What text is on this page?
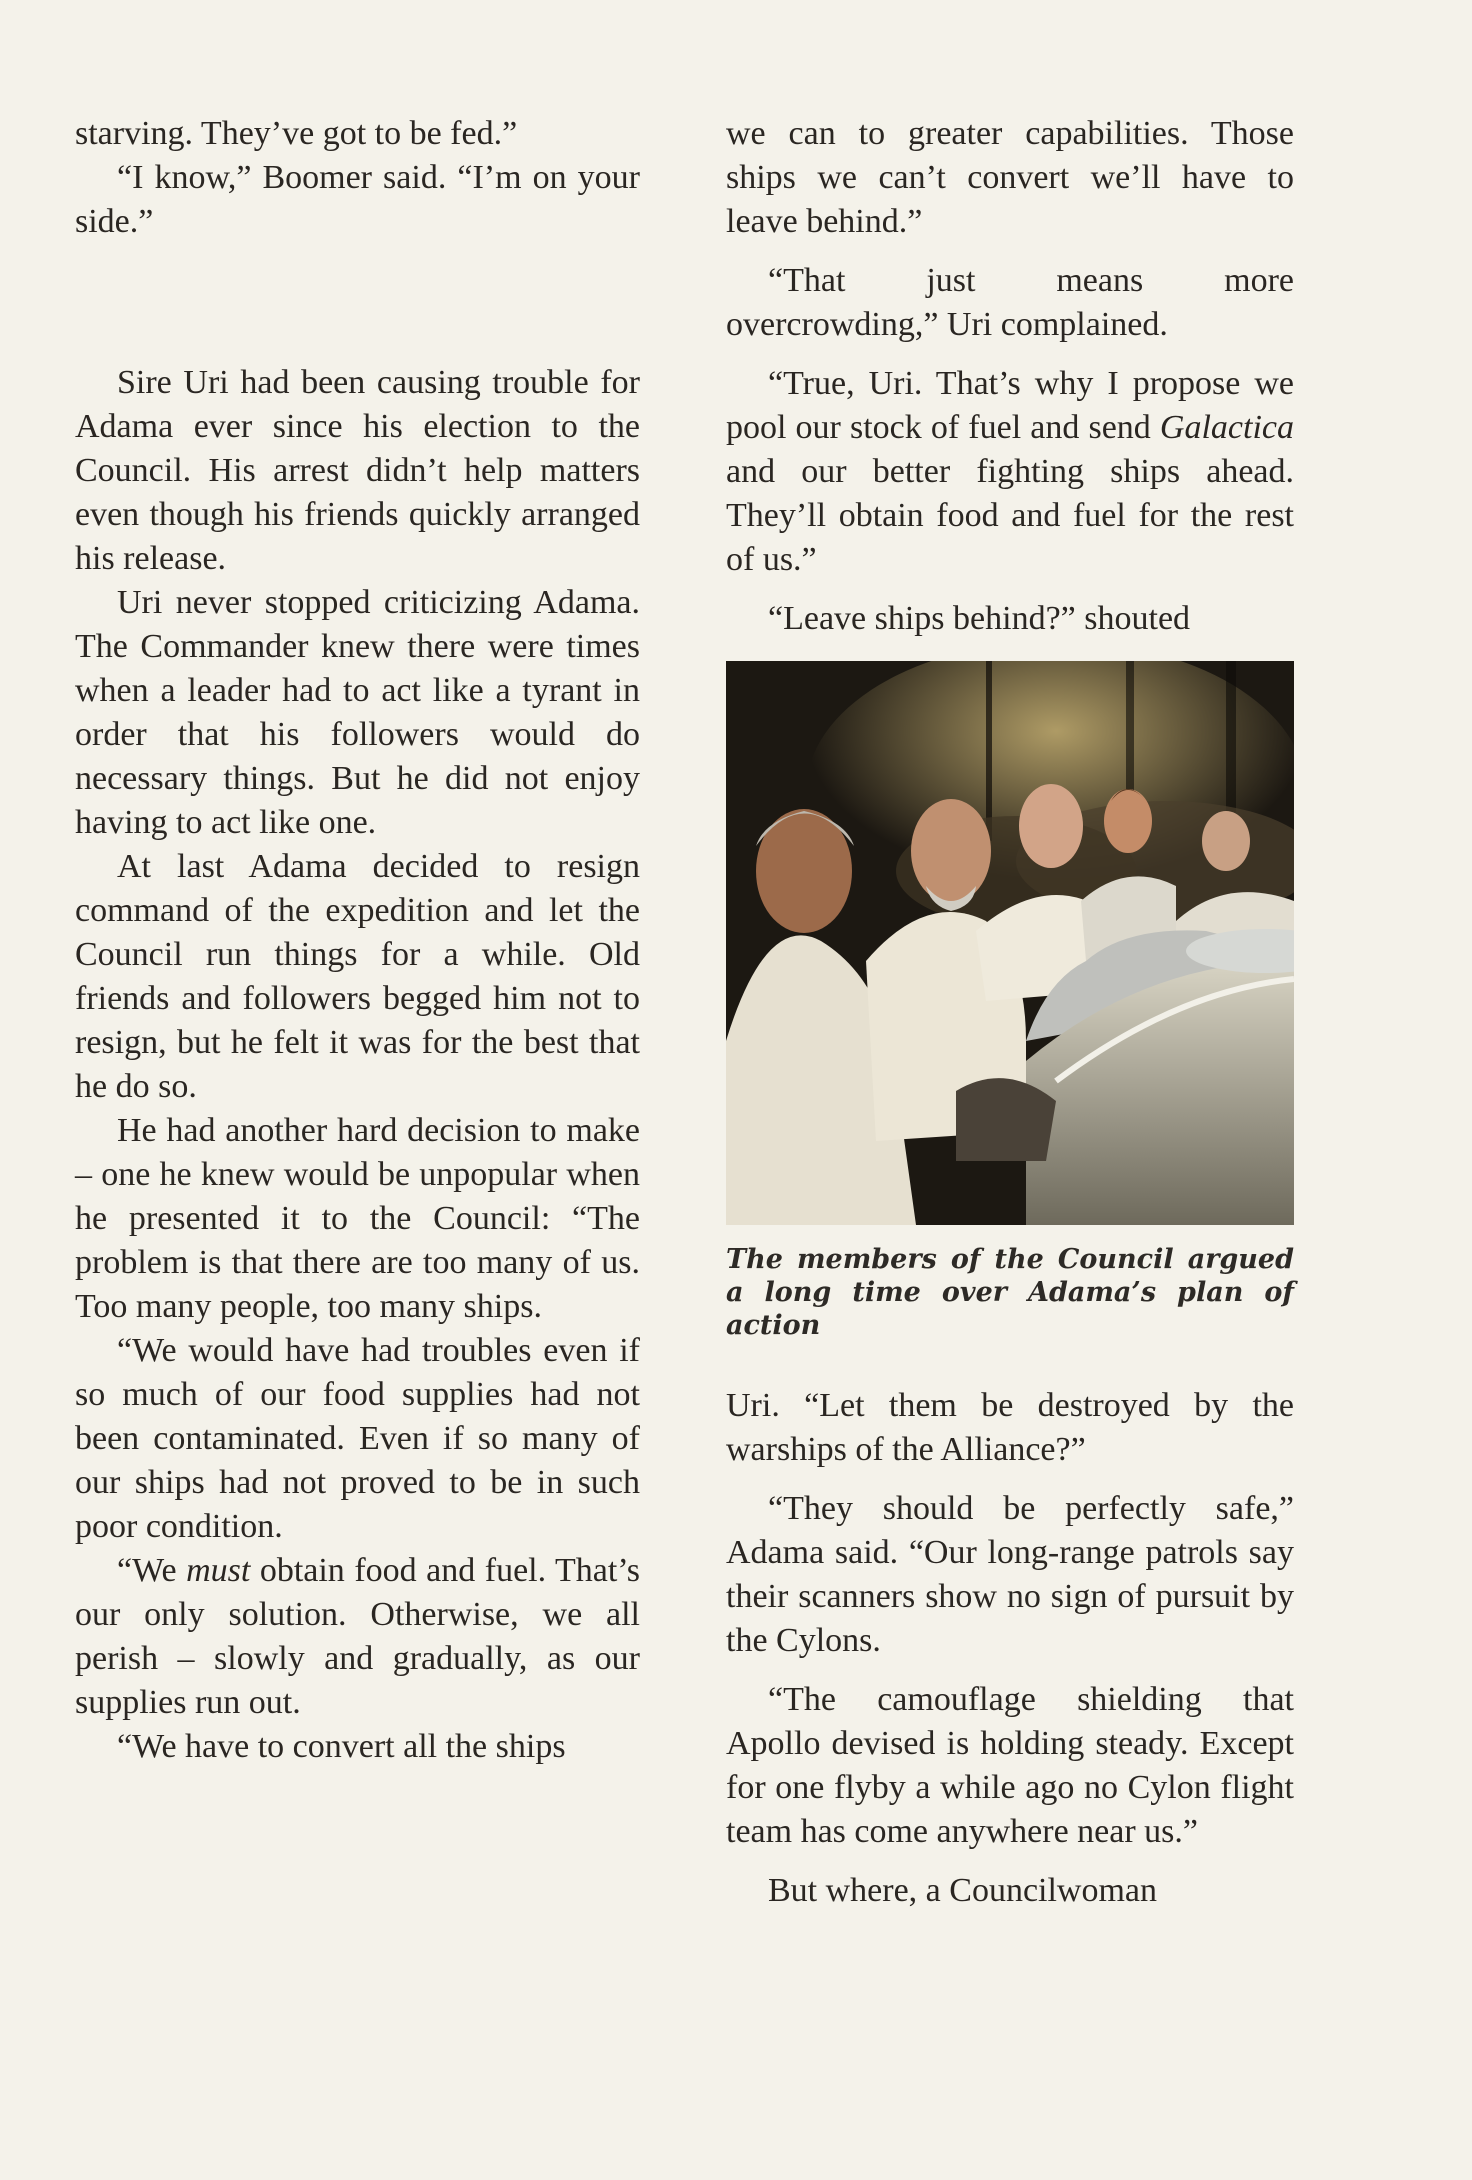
starving. They’ve got to be fed.”

“I know,” Boomer said. “I’m on your side.”

Sire Uri had been causing trouble for Adama ever since his election to the Council. His arrest didn’t help matters even though his friends quickly arranged his release.

Uri never stopped criticizing Adama. The Commander knew there were times when a leader had to act like a tyrant in order that his followers would do necessary things. But he did not enjoy having to act like one.

At last Adama decided to resign command of the expedition and let the Council run things for a while. Old friends and followers begged him not to resign, but he felt it was for the best that he do so.

He had another hard decision to make – one he knew would be unpopular when he presented it to the Council: “The problem is that there are too many of us. Too many people, too many ships.

“We would have had troubles even if so much of our food supplies had not been contaminated. Even if so many of our ships had not proved to be in such poor condition.

“We must obtain food and fuel. That’s our only solution. Otherwise, we all perish – slowly and gradually, as our supplies run out.

“We have to convert all the ships

we can to greater capabilities. Those ships we can’t convert we’ll have to leave behind.”

“That just means more overcrowding,” Uri complained.

“True, Uri. That’s why I propose we pool our stock of fuel and send Galactica and our better fighting ships ahead. They’ll obtain food and fuel for the rest of us.”

“Leave ships behind?” shouted

The members of the Council argued a long time over Adama’s plan of action

Uri. “Let them be destroyed by the warships of the Alliance?”

“They should be perfectly safe,” Adama said. “Our long-range patrols say their scanners show no sign of pursuit by the Cylons.

“The camouflage shielding that Apollo devised is holding steady. Except for one flyby a while ago no Cylon flight team has come anywhere near us.”

But where, a Councilwoman
